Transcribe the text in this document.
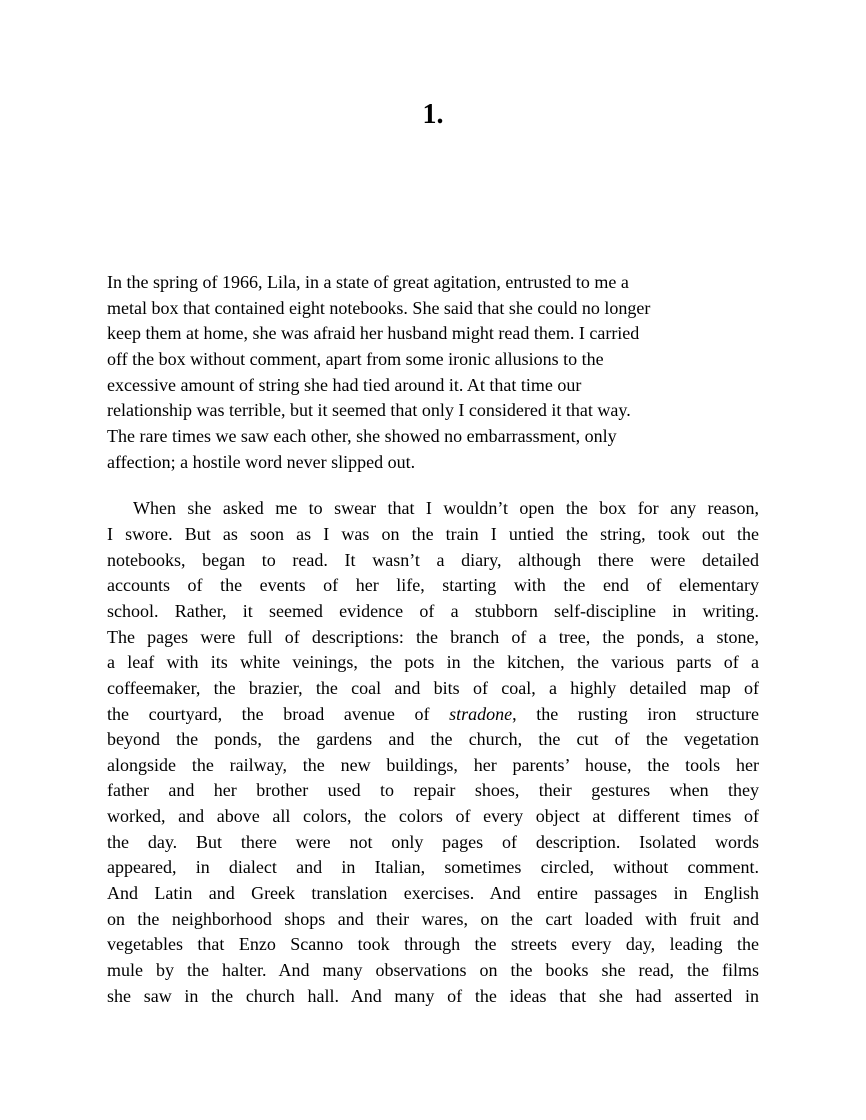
1.
In the spring of 1966, Lila, in a state of great agitation, entrusted to me a
metal box that contained eight notebooks. She said that she could no longer
keep them at home, she was afraid her husband might read them. I carried
off the box without comment, apart from some ironic allusions to the
excessive amount of string she had tied around it. At that time our
relationship was terrible, but it seemed that only I considered it that way.
The rare times we saw each other, she showed no embarrassment, only
affection; a hostile word never slipped out.
When she asked me to swear that I wouldn’t open the box for any reason,
I swore. But as soon as I was on the train I untied the string, took out the
notebooks, began to read. It wasn’t a diary, although there were detailed
accounts of the events of her life, starting with the end of elementary
school. Rather, it seemed evidence of a stubborn self-discipline in writing.
The pages were full of descriptions: the branch of a tree, the ponds, a stone,
a leaf with its white veinings, the pots in the kitchen, the various parts of a
coffeemaker, the brazier, the coal and bits of coal, a highly detailed map of
the courtyard, the broad avenue of stradone, the rusting iron structure
beyond the ponds, the gardens and the church, the cut of the vegetation
alongside the railway, the new buildings, her parents’ house, the tools her
father and her brother used to repair shoes, their gestures when they
worked, and above all colors, the colors of every object at different times of
the day. But there were not only pages of description. Isolated words
appeared, in dialect and in Italian, sometimes circled, without comment.
And Latin and Greek translation exercises. And entire passages in English
on the neighborhood shops and their wares, on the cart loaded with fruit and
vegetables that Enzo Scanno took through the streets every day, leading the
mule by the halter. And many observations on the books she read, the films
she saw in the church hall. And many of the ideas that she had asserted in
